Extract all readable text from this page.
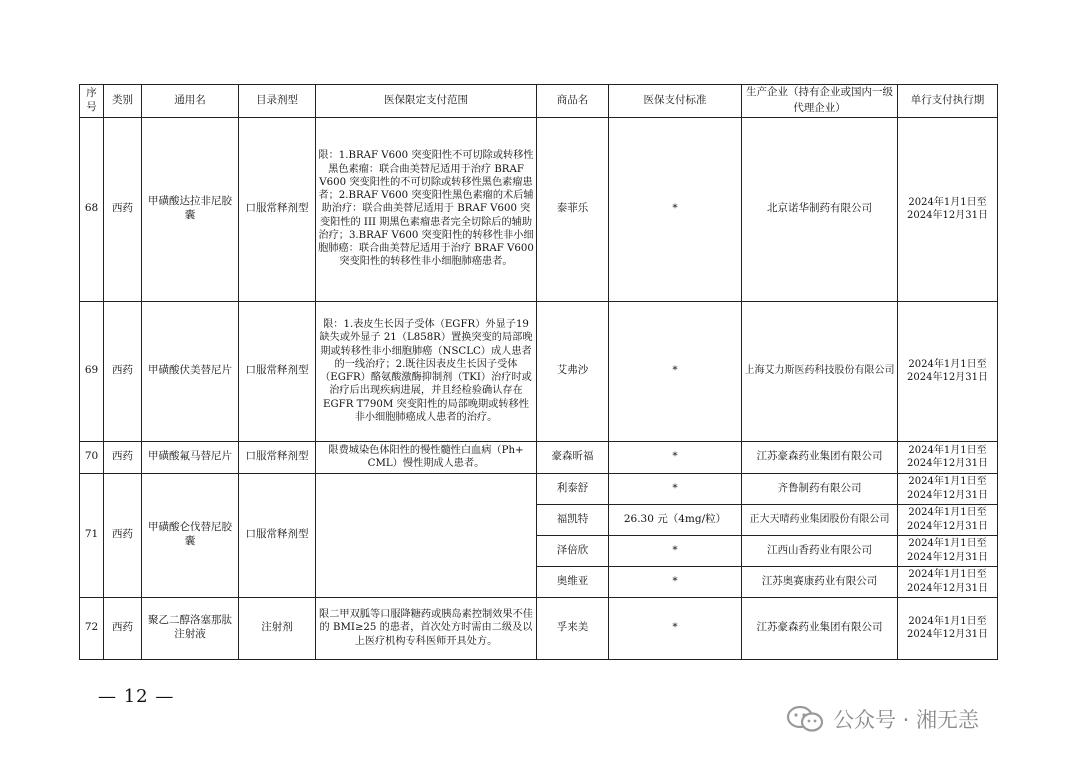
序号	类别	通用名	目录剂型	医保限定支付范围	商品名	医保支付标准	生产企业（持有企业或国内一级代理企业）	单行支付执行期
68	西药	甲磺酸达拉非尼胶囊	口服常释剂型	限：1.BRAF V600 突变阳性不可切除或转移性黑色素瘤：联合曲美替尼适用于治疗 BRAF V600 突变阳性的不可切除或转移性黑色素瘤患者；2.BRAF V600 突变阳性黑色素瘤的术后辅助治疗：联合曲美替尼适用于 BRAF V600 突变阳性的 III 期黑色素瘤患者完全切除后的辅助治疗；3.BRAF V600 突变阳性的转移性非小细胞肺癌：联合曲美替尼适用于治疗 BRAF V600 突变阳性的转移性非小细胞肺癌患者。	泰菲乐	*	北京诺华制药有限公司	2024年1月1日至
2024年12月31日
69	西药	甲磺酸伏美替尼片	口服常释剂型	限：1.表皮生长因子受体（EGFR）外显子19 缺失或外显子 21（L858R）置换突变的局部晚期或转移性非小细胞肺癌（NSCLC）成人患者的一线治疗；2.既往因表皮生长因子受体（EGFR）酪氨酸激酶抑制剂（TKI）治疗时或治疗后出现疾病进展，并且经检验确认存在 EGFR T790M 突变阳性的局部晚期或转移性非小细胞肺癌成人患者的治疗。	艾弗沙	*	上海艾力斯医药科技股份有限公司	2024年1月1日至
2024年12月31日
70	西药	甲磺酸氟马替尼片	口服常释剂型	限费城染色体阳性的慢性髓性白血病（Ph+ CML）慢性期成人患者。	豪森昕福	*	江苏豪森药业集团有限公司	2024年1月1日至
2024年12月31日
71	西药	甲磺酸仑伐替尼胶囊	口服常释剂型		利泰舒	*	齐鲁制药有限公司	2024年1月1日至
2024年12月31日
					福凯特	26.30 元（4mg/粒）	正大天晴药业集团股份有限公司	2024年1月1日至
2024年12月31日
					泽倍欣	*	江西山香药业有限公司	2024年1月1日至
2024年12月31日
					奥维亚	*	江苏奥赛康药业有限公司	2024年1月1日至
2024年12月31日
72	西药	聚乙二醇洛塞那肽注射液	注射剂	限二甲双胍等口服降糖药或胰岛素控制效果不佳的 BMI≥25 的患者，首次处方时需由二级及以上医疗机构专科医师开具处方。	孚来美	*	江苏豪森药业集团有限公司	2024年1月1日至
2024年12月31日
— 12 —
公众号 · 湘无恙
